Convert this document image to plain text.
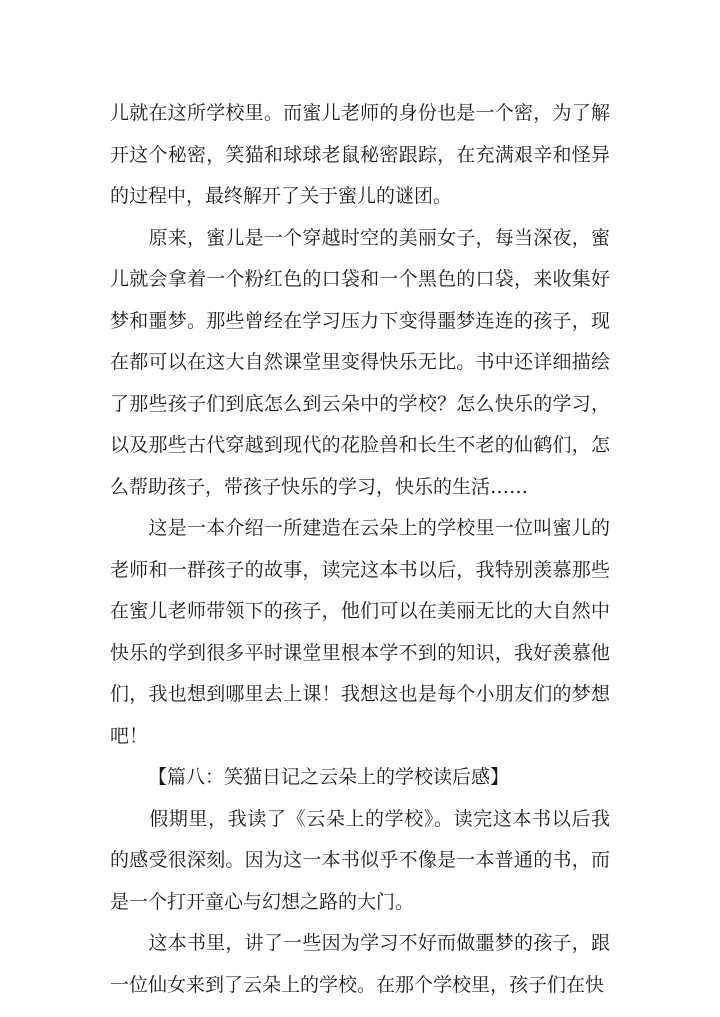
儿就在这所学校里。而蜜儿老师的身份也是一个密，为了解开这个秘密，笑猫和球球老鼠秘密跟踪，在充满艰辛和怪异的过程中，最终解开了关于蜜儿的谜团。

　　原来，蜜儿是一个穿越时空的美丽女子，每当深夜，蜜儿就会拿着一个粉红色的口袋和一个黑色的口袋，来收集好梦和噩梦。那些曾经在学习压力下变得噩梦连连的孩子，现在都可以在这大自然课堂里变得快乐无比。书中还详细描绘了那些孩子们到底怎么到云朵中的学校？怎么快乐的学习，以及那些古代穿越到现代的花脸兽和长生不老的仙鹤们，怎么帮助孩子，带孩子快乐的学习，快乐的生活……

　　这是一本介绍一所建造在云朵上的学校里一位叫蜜儿的老师和一群孩子的故事，读完这本书以后，我特别羡慕那些在蜜儿老师带领下的孩子，他们可以在美丽无比的大自然中快乐的学到很多平时课堂里根本学不到的知识，我好羡慕他们，我也想到哪里去上课！我想这也是每个小朋友们的梦想吧！

【篇八：笑猫日记之云朵上的学校读后感】

　　假期里，我读了《云朵上的学校》。读完这本书以后我的感受很深刻。因为这一本书似乎不像是一本普通的书，而是一个打开童心与幻想之路的大门。

　　这本书里，讲了一些因为学习不好而做噩梦的孩子，跟一位仙女来到了云朵上的学校。在那个学校里，孩子们在快
